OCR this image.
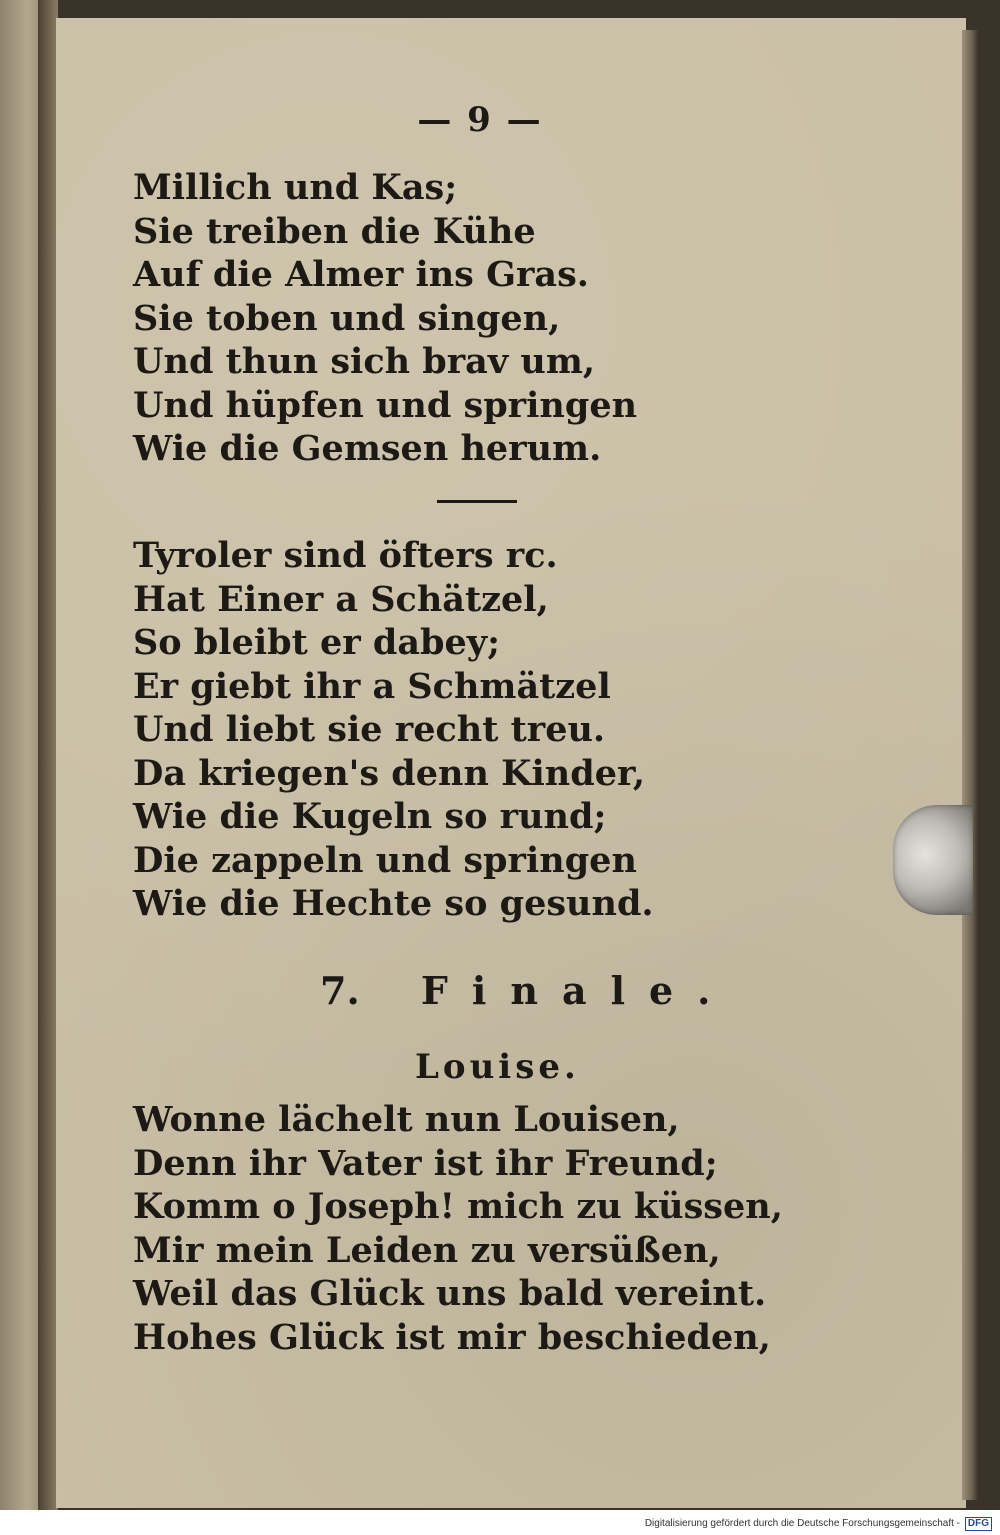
— 9 —
Millich und Kas;
Sie treiben die Kühe
Auf die Almer ins Gras.
Sie toben und singen,
Und thun sich brav um,
Und hüpfen und springen
Wie die Gemsen herum.
Tyroler sind öfters rc.
Hat Einer a Schätzel,
So bleibt er dabey;
Er giebt ihr a Schmätzel
Und liebt sie recht treu.
Da kriegen's denn Kinder,
Wie die Kugeln so rund;
Die zappeln und springen
Wie die Hechte so gesund.
7. Finale.
Louise.
Wonne lächelt nun Louisen,
Denn ihr Vater ist ihr Freund;
Komm o Joseph! mich zu küssen,
Mir mein Leiden zu versüßen,
Weil das Glück uns bald vereint.
Hohes Glück ist mir beschieden,
Digitalisierung gefördert durch die Deutsche Forschungsgemeinschaft - DFG
